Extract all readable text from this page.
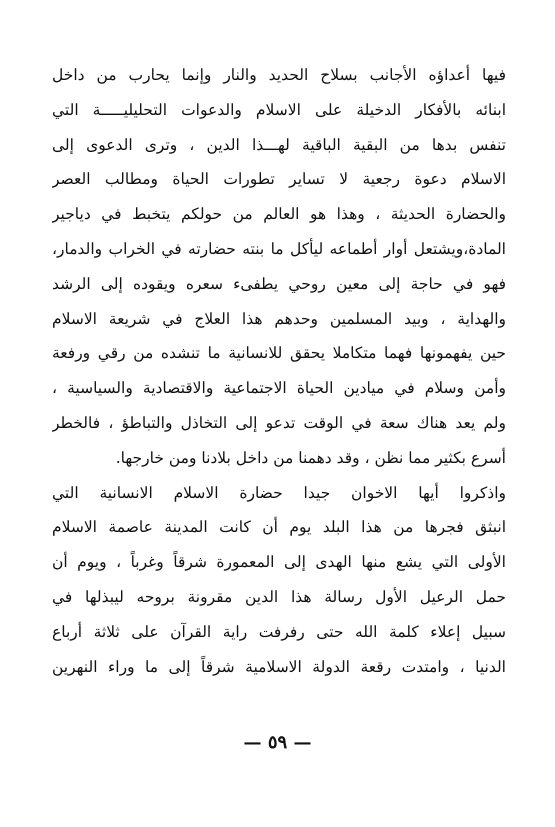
فيها أعداؤه الأجانب بسلاح الحديد والنار وإنما يحارب من داخل
ابنائه بالأفكار الدخيلة على الاسلام والدعوات التحليليـــــة التي
تنفس بدها من البقية الباقية لهـــذا الدين ، وترى الدعوى إلى
الاسلام دعوة رجعية لا تساير تطورات الحياة ومطالب العصر
والحضارة الحديثة ، وهذا هو العالم من حولكم يتخبط في دياجير
المادة،ويشتعل أوار أطماعه ليأكل ما بنته حضارته في الخراب والدمار،
فهو في حاجة إلى معين روحي يطفىء سعره ويقوده إلى الرشد
والهداية ، وبيد المسلمين وحدهم هذا العلاج في شريعة الاسلام
حين يفهمونها فهما متكاملا يحقق للانسانية ما تنشده من رقي ورفعة
وأمن وسلام في ميادين الحياة الاجتماعية والاقتصادية والسياسية ،
ولم يعد هناك سعة في الوقت تدعو إلى التخاذل والتباطؤ ، فالخطر
أسرع بكثير مما نظن ، وقد دهمنا من داخل بلادنا ومن خارجها.
واذكروا أيها الاخوان جيدا حضارة الاسلام الانسانية التي
انبثق فجرها من هذا البلد يوم أن كانت المدينة عاصمة الاسلام
الأولى التي يشع منها الهدى إلى المعمورة شرقاً وغرباً ، ويوم أن
حمل الرعيل الأول رسالة هذا الدين مقرونة بروحه ليبذلها في
سبيل إعلاء كلمة الله حتى رفرفت راية القرآن على ثلاثة أرباع
الدنيا ، وامتدت رقعة الدولة الاسلامية شرقاً إلى ما وراء النهرين
— ٥٩ —
